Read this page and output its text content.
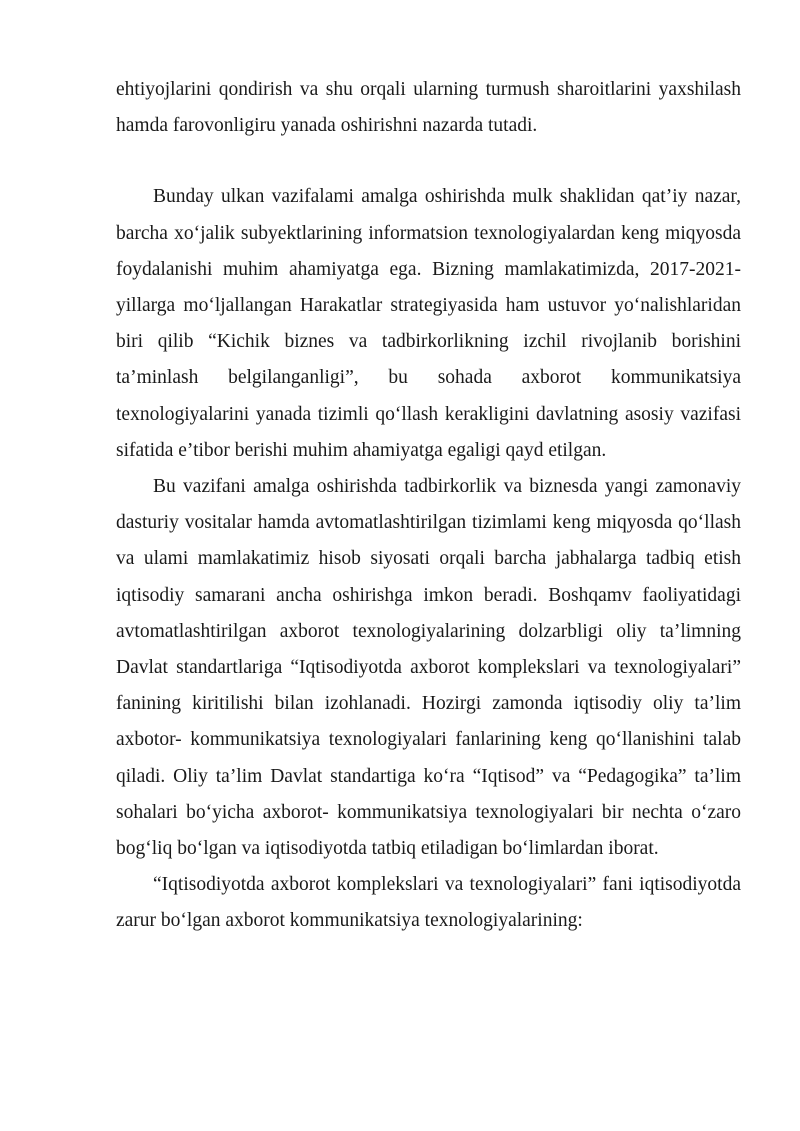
ehtiyojlarini qondirish va shu orqali ularning turmush sharoitlarini yaxshilash hamda farovonligiru yanada oshirishni nazarda tutadi.

Bunday ulkan vazifalami amalga oshirishda mulk shaklidan qat’iy nazar, barcha xo‘jalik subyektlarining informatsion texnologiyalardan keng miqyosda foydalanishi muhim ahamiyatga ega. Bizning mamlakatimizda, 2017-2021-yillarga mo‘ljallangan Harakatlar strategiyasida ham ustuvor yo‘nalishlaridan biri qilib “Kichik biznes va tadbirkorlikning izchil rivojlanib borishini ta’minlash belgilanganligi”, bu sohada axborot kommunikatsiya texnologiyalarini yanada tizimli qo‘llash kerakligini davlatning asosiy vazifasi sifatida e’tibor berishi muhim ahamiyatga egaligi qayd etilgan.

Bu vazifani amalga oshirishda tadbirkorlik va biznesda yangi zamonaviy dasturiy vositalar hamda avtomatlashtirilgan tizimlami keng miqyosda qo‘llash va ulami mamlakatimiz hisob siyosati orqali barcha jabhalarga tadbiq etish iqtisodiy samarani ancha oshirishga imkon beradi. Boshqamv faoliyatidagi avtomatlashtirilgan axborot texnologiyalarining dolzarbligi oliy ta’limning Davlat standartlariga “Iqtisodiyotda axborot komplekslari va texnologiyalari” fanining kiritilishi bilan izohlanadi. Hozirgi zamonda iqtisodiy oliy ta’lim axbotor- kommunikatsiya texnologiyalari fanlarining keng qo‘llanishini talab qiladi. Oliy ta’lim Davlat standartiga ko‘ra “Iqtisod” va “Pedagogika” ta’lim sohalari bo‘yicha axborot- kommunikatsiya texnologiyalari bir nechta o‘zaro bog‘liq bo‘lgan va iqtisodiyotda tatbiq etiladigan bo‘limlardan iborat.

“Iqtisodiyotda axborot komplekslari va texnologiyalari” fani iqtisodiyotda zarur bo‘lgan axborot kommunikatsiya texnologiyalarining:
